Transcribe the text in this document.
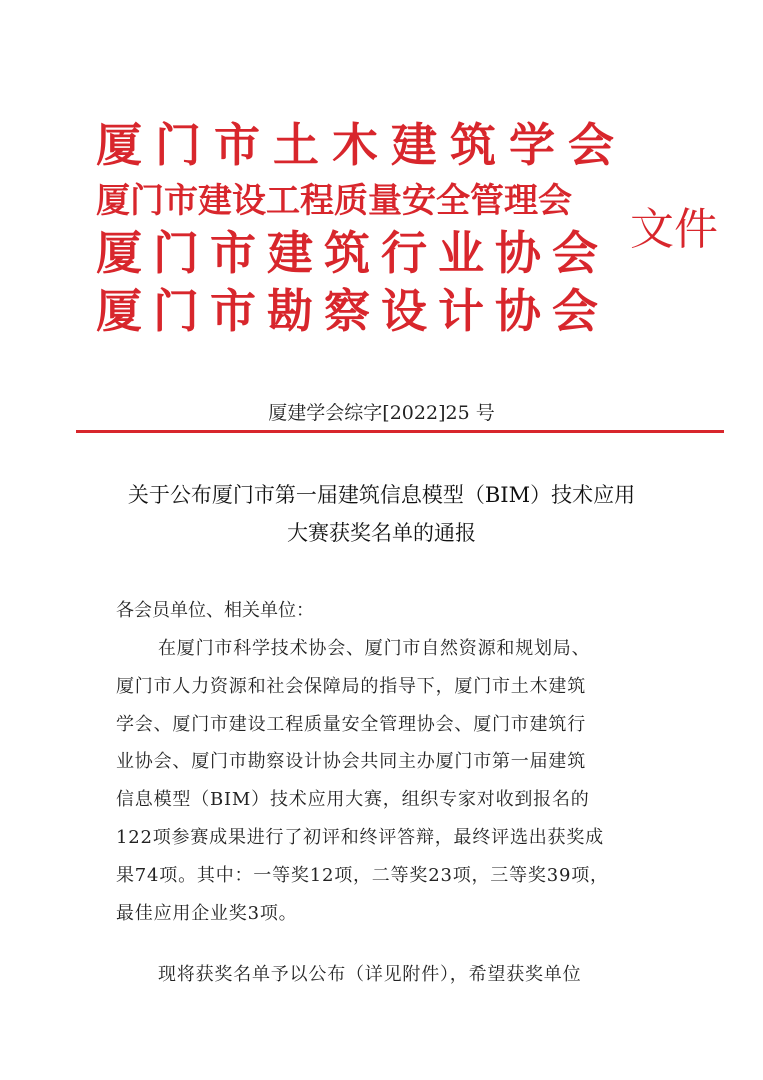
厦门市土木建筑学会
厦门市建设工程质量安全管理会
厦门市建筑行业协会
厦门市勘察设计协会
文件
厦建学会综字[2022]25 号
关于公布厦门市第一届建筑信息模型（BIM）技术应用
大赛获奖名单的通报
各会员单位、相关单位：
在厦门市科学技术协会、厦门市自然资源和规划局、
厦门市人力资源和社会保障局的指导下，厦门市土木建筑
学会、厦门市建设工程质量安全管理协会、厦门市建筑行
业协会、厦门市勘察设计协会共同主办厦门市第一届建筑
信息模型（BIM）技术应用大赛，组织专家对收到报名的
122项参赛成果进行了初评和终评答辩，最终评选出获奖成
果74项。其中：一等奖12项，二等奖23项，三等奖39项，
最佳应用企业奖3项。
现将获奖名单予以公布（详见附件），希望获奖单位
